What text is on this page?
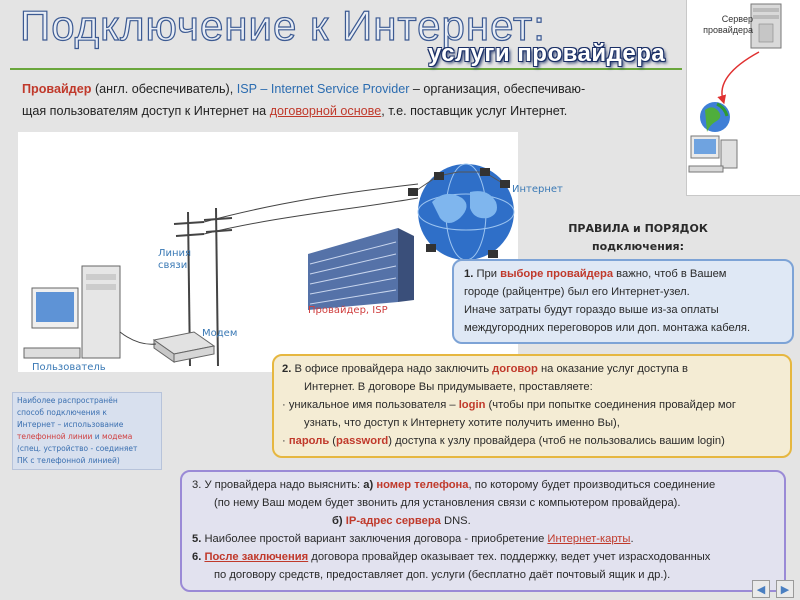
Подключение к Интернет:
услуги провайдера
Сервер провайдера
Провайдер (англ. обеспечиватель), ISP – Internet Service Provider – организация, обеспечиваю-
щая пользователям доступ к Интернет на договорной основе, т.е. поставщик услуг Интернет.
Интернет
Линия
связи
Провайдер, ISP
Модем
Пользователь
Наиболее распространён
способ подключения к
Интернет – использование
телефонной линии и модема
(спец. устройство - соединяет
ПК с телефонной линией)
ПРАВИЛА и ПОРЯДОК
подключения:

1. При выборе провайдера важно, чтоб в Вашем

городе (райцентре) был его Интернет-узел.

Иначе затраты будут гораздо выше из-за оплаты

междугородних переговоров или доп. монтажа кабеля.

2. В офисе провайдера надо заключить договор на оказание услуг доступа в

Интернет. В договоре Вы придумываете, проставляете:

· уникальное имя пользователя – login (чтобы при попытке соединения провайдер мог

узнать, что доступ к Интернету хотите получить именно Вы),

· пароль (password) доступа к узлу провайдера (чтоб не пользовались вашим login)

3. У провайдера надо выяснить: а) номер телефона, по которому будет производиться соединение

(по нему Ваш модем будет звонить для установления связи с компьютером провайдера).

б) IP-адрес сервера DNS.

5. Наиболее простой вариант заключения договора - приобретение Интернет-карты.

6. После заключения договора провайдер оказывает тех. поддержку, ведет учет израсходованных

по договору средств, предоставляет доп. услуги (бесплатно даёт почтовый ящик и др.).

◀	▶
